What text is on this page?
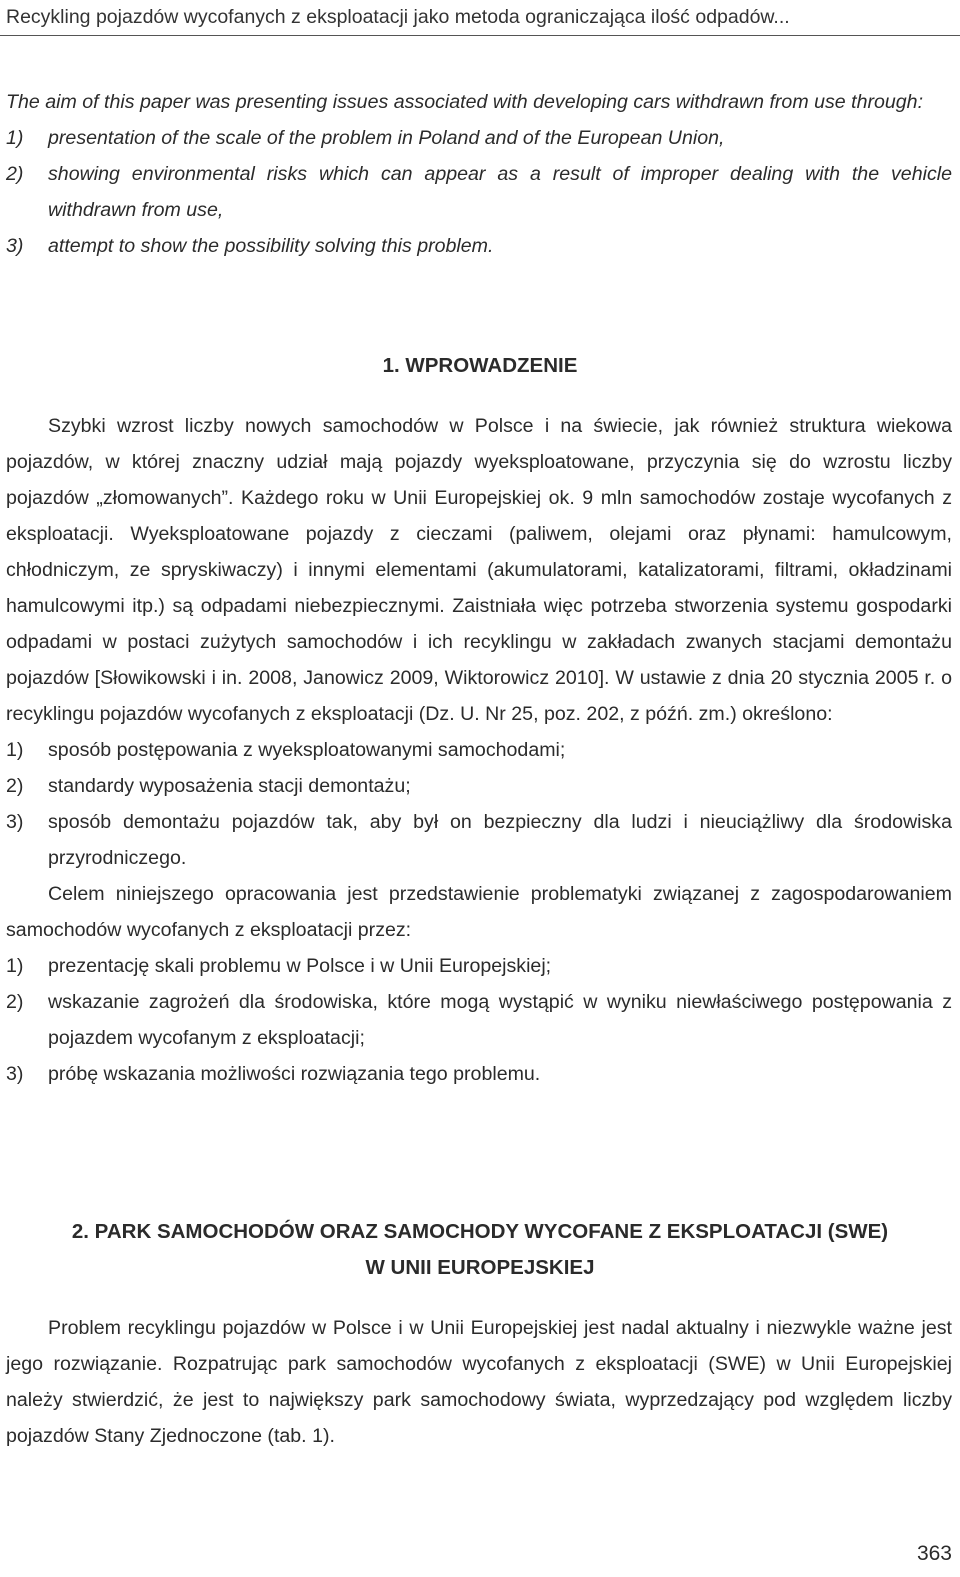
Recykling pojazdów wycofanych z eksploatacji jako metoda ograniczająca ilość odpadów...

The aim of this paper was presenting issues associated with developing cars withdrawn from use through:

1) presentation of the scale of the problem in Poland and of the European Union,
2) showing environmental risks which can appear as a result of improper dealing with the vehicle withdrawn from use,
3) attempt to show the possibility solving this problem.
1. WPROWADZENIE

Szybki wzrost liczby nowych samochodów w Polsce i na świecie, jak również struktura wiekowa pojazdów, w której znaczny udział mają pojazdy wyeksploatowane, przyczynia się do wzrostu liczby pojazdów „złomowanych”. Każdego roku w Unii Europejskiej ok. 9 mln samochodów zostaje wycofanych z eksploatacji. Wyeksploatowane pojazdy z cieczami (paliwem, olejami oraz płynami: hamulcowym, chłodniczym, ze spryskiwaczy) i innymi elementami (akumulatorami, katalizatorami, filtrami, okładzinami hamulcowymi itp.) są odpadami niebezpiecznymi. Zaistniała więc potrzeba stworzenia systemu gospodarki odpadami w postaci zużytych samochodów i ich recyklingu w zakładach zwanych stacjami demontażu pojazdów [Słowikowski i in. 2008, Janowicz 2009, Wiktorowicz 2010]. W ustawie z dnia 20 stycznia 2005 r. o recyklingu pojazdów wycofanych z eksploatacji (Dz. U. Nr 25, poz. 202, z późń. zm.) określono:

1) sposób postępowania z wyeksploatowanymi samochodami;
2) standardy wyposażenia stacji demontażu;
3) sposób demontażu pojazdów tak, aby był on bezpieczny dla ludzi i nieuciążliwy dla środowiska przyrodniczego.

Celem niniejszego opracowania jest przedstawienie problematyki związanej z zagospodarowaniem samochodów wycofanych z eksploatacji przez:

1) prezentację skali problemu w Polsce i w Unii Europejskiej;
2) wskazanie zagrożeń dla środowiska, które mogą wystąpić w wyniku niewłaściwego postępowania z pojazdem wycofanym z eksploatacji;
3) próbę wskazania możliwości rozwiązania tego problemu.
2. PARK SAMOCHODÓW ORAZ SAMOCHODY WYCOFANE Z EKSPLOATACJI (SWE)
W UNII EUROPEJSKIEJ

Problem recyklingu pojazdów w Polsce i w Unii Europejskiej jest nadal aktualny i niezwykle ważne jest jego rozwiązanie. Rozpatrując park samochodów wycofanych z eksploatacji (SWE) w Unii Europejskiej należy stwierdzić, że jest to największy park samochodowy świata, wyprzedzający pod względem liczby pojazdów Stany Zjednoczone (tab. 1).

363
